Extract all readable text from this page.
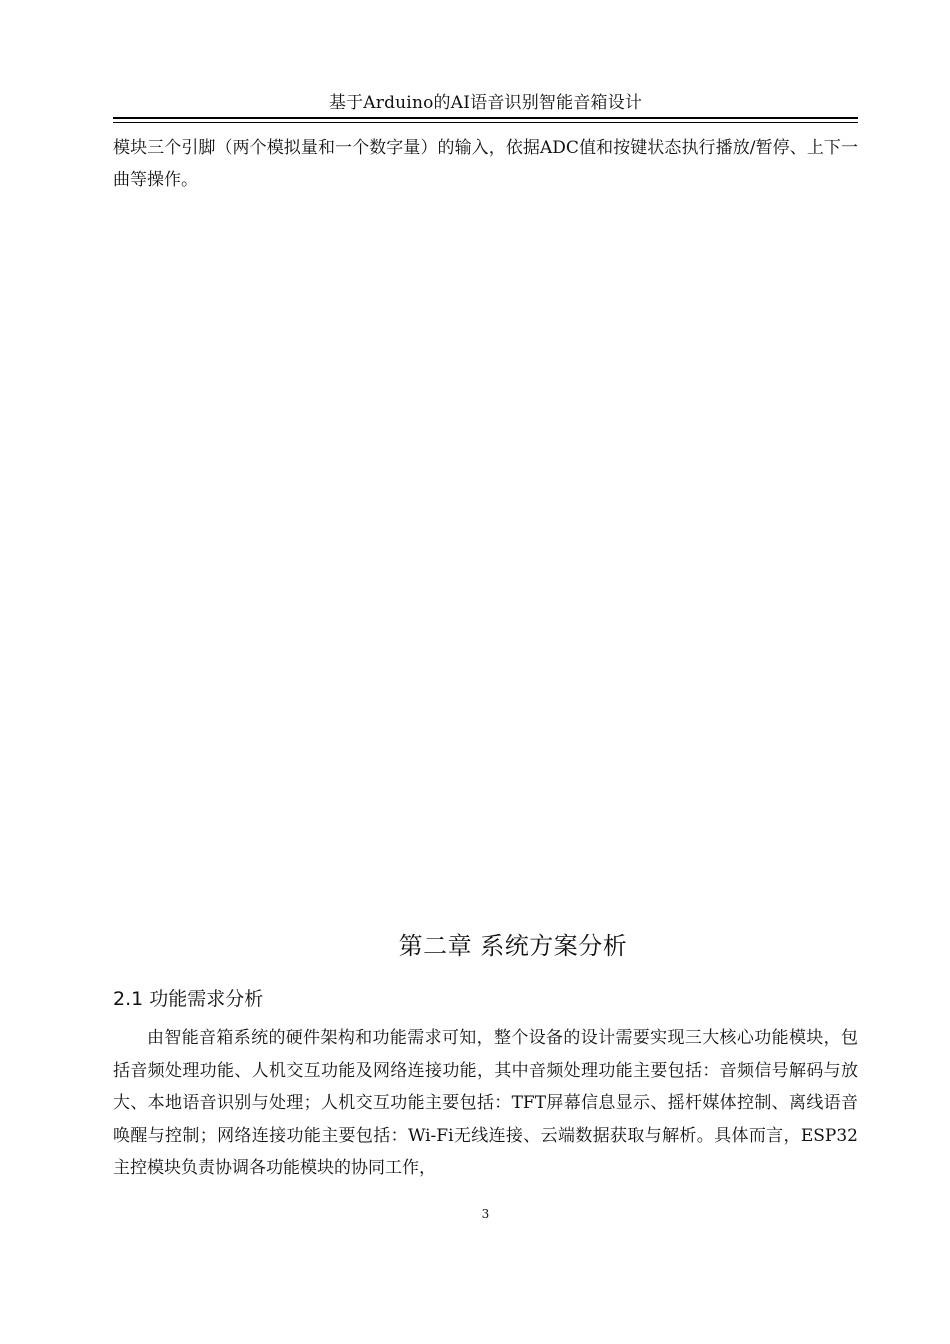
基于Arduino的AI语音识别智能音箱设计

模块三个引脚（两个模拟量和一个数字量）的输入，依据ADC值和按键状态执行播放/暂停、上下一曲等操作。

第二章 系统方案分析
2.1 功能需求分析

由智能音箱系统的硬件架构和功能需求可知，整个设备的设计需要实现三大核心功能模块，包括音频处理功能、人机交互功能及网络连接功能，其中音频处理功能主要包括：音频信号解码与放大、本地语音识别与处理；人机交互功能主要包括：TFT屏幕信息显示、摇杆媒体控制、离线语音唤醒与控制；网络连接功能主要包括：Wi-Fi无线连接、云端数据获取与解析。具体而言，ESP32主控模块负责协调各功能模块的协同工作，

3
